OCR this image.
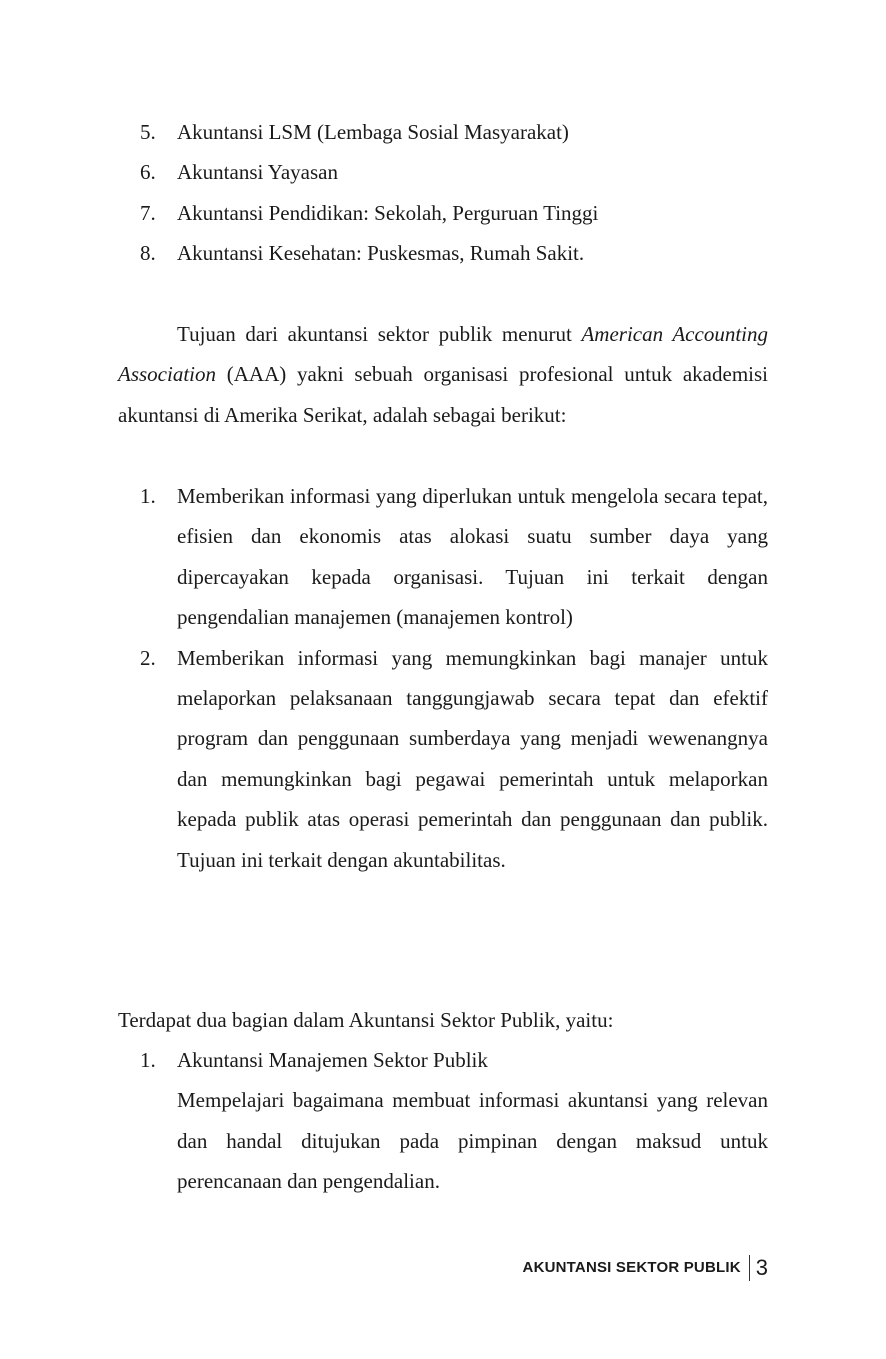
5. Akuntansi LSM (Lembaga Sosial Masyarakat)
6. Akuntansi Yayasan
7. Akuntansi Pendidikan: Sekolah, Perguruan Tinggi
8. Akuntansi Kesehatan: Puskesmas, Rumah Sakit.
Tujuan dari akuntansi sektor publik menurut American Accounting Association (AAA) yakni sebuah organisasi profesional untuk akademisi akuntansi di Amerika Serikat, adalah sebagai berikut:
1. Memberikan informasi yang diperlukan untuk mengelola secara tepat, efisien dan ekonomis atas alokasi suatu sumber daya yang dipercayakan kepada organisasi. Tujuan ini terkait dengan pengendalian manajemen (manajemen kontrol)
2. Memberikan informasi yang memungkinkan bagi manajer untuk melaporkan pelaksanaan tanggungjawab secara tepat dan efektif program dan penggunaan sumberdaya yang menjadi wewenangnya dan memungkinkan bagi pegawai pemerintah untuk melaporkan kepada publik atas operasi pemerintah dan penggunaan dan publik. Tujuan ini terkait dengan akuntabilitas.
Terdapat dua bagian dalam Akuntansi Sektor Publik, yaitu:
1. Akuntansi Manajemen Sektor Publik
Mempelajari bagaimana membuat informasi akuntansi yang relevan dan handal ditujukan pada pimpinan dengan maksud untuk perencanaan dan pengendalian.
AKUNTANSI SEKTOR PUBLIK 3
